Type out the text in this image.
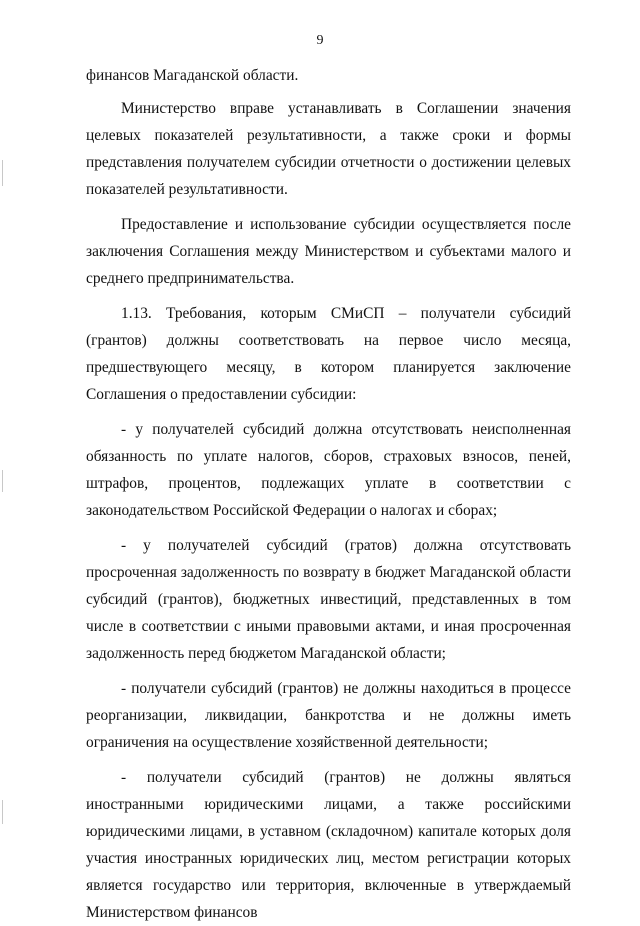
9

финансов Магаданской области.

Министерство вправе устанавливать в Соглашении значения целевых показателей результативности, а также сроки и формы представления получателем субсидии отчетности о достижении целевых показателей результативности.

Предоставление и использование субсидии осуществляется после заключения Соглашения между Министерством и субъектами малого и среднего предпринимательства.

1.13. Требования, которым СМиСП – получатели субсидий (грантов) должны соответствовать на первое число месяца, предшествующего месяцу, в котором планируется заключение Соглашения о предоставлении субсидии:

- у получателей субсидий должна отсутствовать неисполненная обязанность по уплате налогов, сборов, страховых взносов, пеней, штрафов, процентов, подлежащих уплате в соответствии с законодательством Российской Федерации о налогах и сборах;

- у получателей субсидий (гратов) должна отсутствовать просроченная задолженность по возврату в бюджет Магаданской области субсидий (грантов), бюджетных инвестиций, представленных в том числе в соответствии с иными правовыми актами, и иная просроченная задолженность перед бюджетом Магаданской области;

- получатели субсидий (грантов) не должны находиться в процессе реорганизации, ликвидации, банкротства и не должны иметь ограничения на осуществление хозяйственной деятельности;

- получатели субсидий (грантов) не должны являться иностранными юридическими лицами, а также российскими юридическими лицами, в уставном (складочном) капитале которых доля участия иностранных юридических лиц, местом регистрации которых является государство или территория, включенные в утверждаемый Министерством финансов
